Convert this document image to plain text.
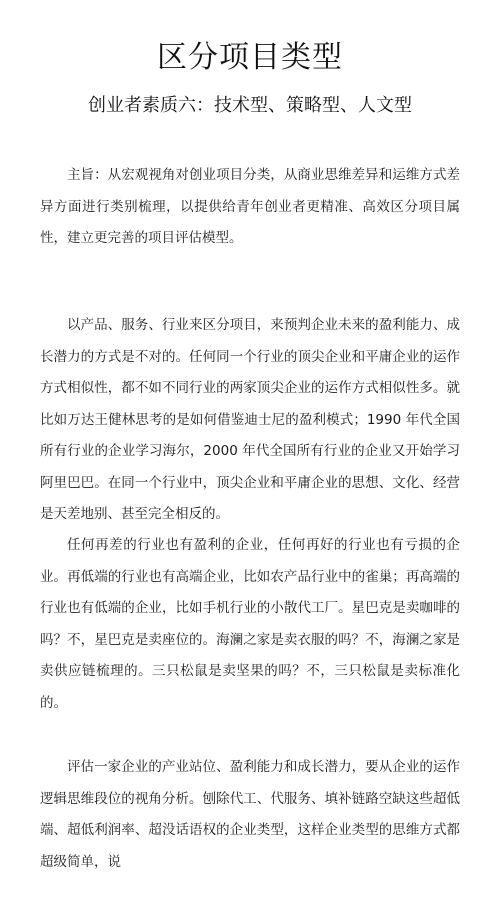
区分项目类型
创业者素质六：技术型、策略型、人文型

主旨：从宏观视角对创业项目分类，从商业思维差异和运维方式差异方面进行类别梳理，以提供给青年创业者更精准、高效区分项目属性，建立更完善的项目评估模型。

以产品、服务、行业来区分项目，来预判企业未来的盈利能力、成长潜力的方式是不对的。任何同一个行业的顶尖企业和平庸企业的运作方式相似性，都不如不同行业的两家顶尖企业的运作方式相似性多。就比如万达王健林思考的是如何借鉴迪士尼的盈利模式；1990 年代全国所有行业的企业学习海尔，2000 年代全国所有行业的企业又开始学习阿里巴巴。在同一个行业中，顶尖企业和平庸企业的思想、文化、经营是天差地别、甚至完全相反的。

任何再差的行业也有盈利的企业，任何再好的行业也有亏损的企业。再低端的行业也有高端企业，比如农产品行业中的雀巢；再高端的行业也有低端的企业，比如手机行业的小散代工厂。星巴克是卖咖啡的吗？不，星巴克是卖座位的。海澜之家是卖衣服的吗？不，海澜之家是卖供应链梳理的。三只松鼠是卖坚果的吗？不，三只松鼠是卖标准化的。

评估一家企业的产业站位、盈利能力和成长潜力，要从企业的运作逻辑思维段位的视角分析。刨除代工、代服务、填补链路空缺这些超低端、超低利润率、超没话语权的企业类型，这样企业类型的思维方式都超级简单，说
